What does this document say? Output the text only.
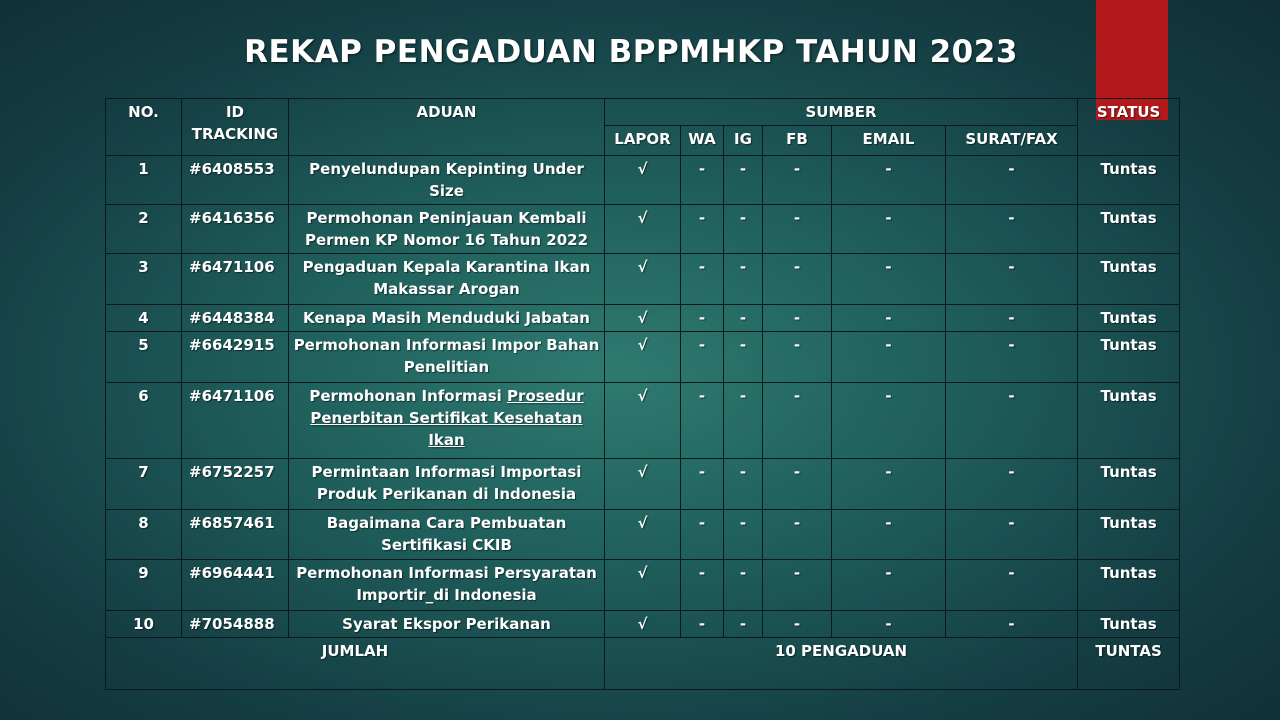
REKAP PENGADUAN BPPMHKP TAHUN 2023
NO.	ID TRACKING	ADUAN	SUMBER						STATUS
			LAPOR	WA	IG	FB	EMAIL	SURAT/FAX	
1	#6408553	Penyelundupan Kepinting Under Size	√	-	-	-	-	-	Tuntas
2	#6416356	Permohonan Peninjauan Kembali Permen KP Nomor 16 Tahun 2022	√	-	-	-	-	-	Tuntas
3	#6471106	Pengaduan Kepala Karantina Ikan Makassar Arogan	√	-	-	-	-	-	Tuntas
4	#6448384	Kenapa Masih Menduduki Jabatan	√	-	-	-	-	-	Tuntas
5	#6642915	Permohonan Informasi Impor Bahan Penelitian	√	-	-	-	-	-	Tuntas
6	#6471106	Permohonan Informasi Prosedur Penerbitan Sertifikat Kesehatan Ikan	√	-	-	-	-	-	Tuntas
7	#6752257	Permintaan Informasi Importasi Produk Perikanan di Indonesia	√	-	-	-	-	-	Tuntas
8	#6857461	Bagaimana Cara Pembuatan Sertifikasi CKIB	√	-	-	-	-	-	Tuntas
9	#6964441	Permohonan Informasi Persyaratan Importir_di Indonesia	√	-	-	-	-	-	Tuntas
10	#7054888	Syarat Ekspor Perikanan	√	-	-	-	-	-	Tuntas
JUMLAH			10 PENGADUAN						TUNTAS
